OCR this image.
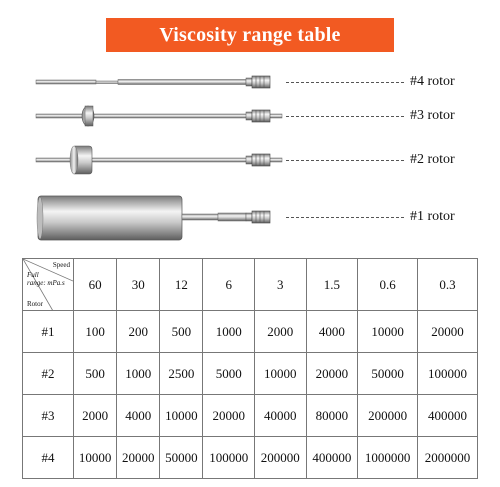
Viscosity range table
#4 rotor
#3 rotor
#2 rotor
#1 rotor
Speed
Full
range: mPa.s
Rotor	60	30	12	6	3	1.5	0.6	0.3
#1	100	200	500	1000	2000	4000	10000	20000
#2	500	1000	2500	5000	10000	20000	50000	100000
#3	2000	4000	10000	20000	40000	80000	200000	400000
#4	10000	20000	50000	100000	200000	400000	1000000	2000000
